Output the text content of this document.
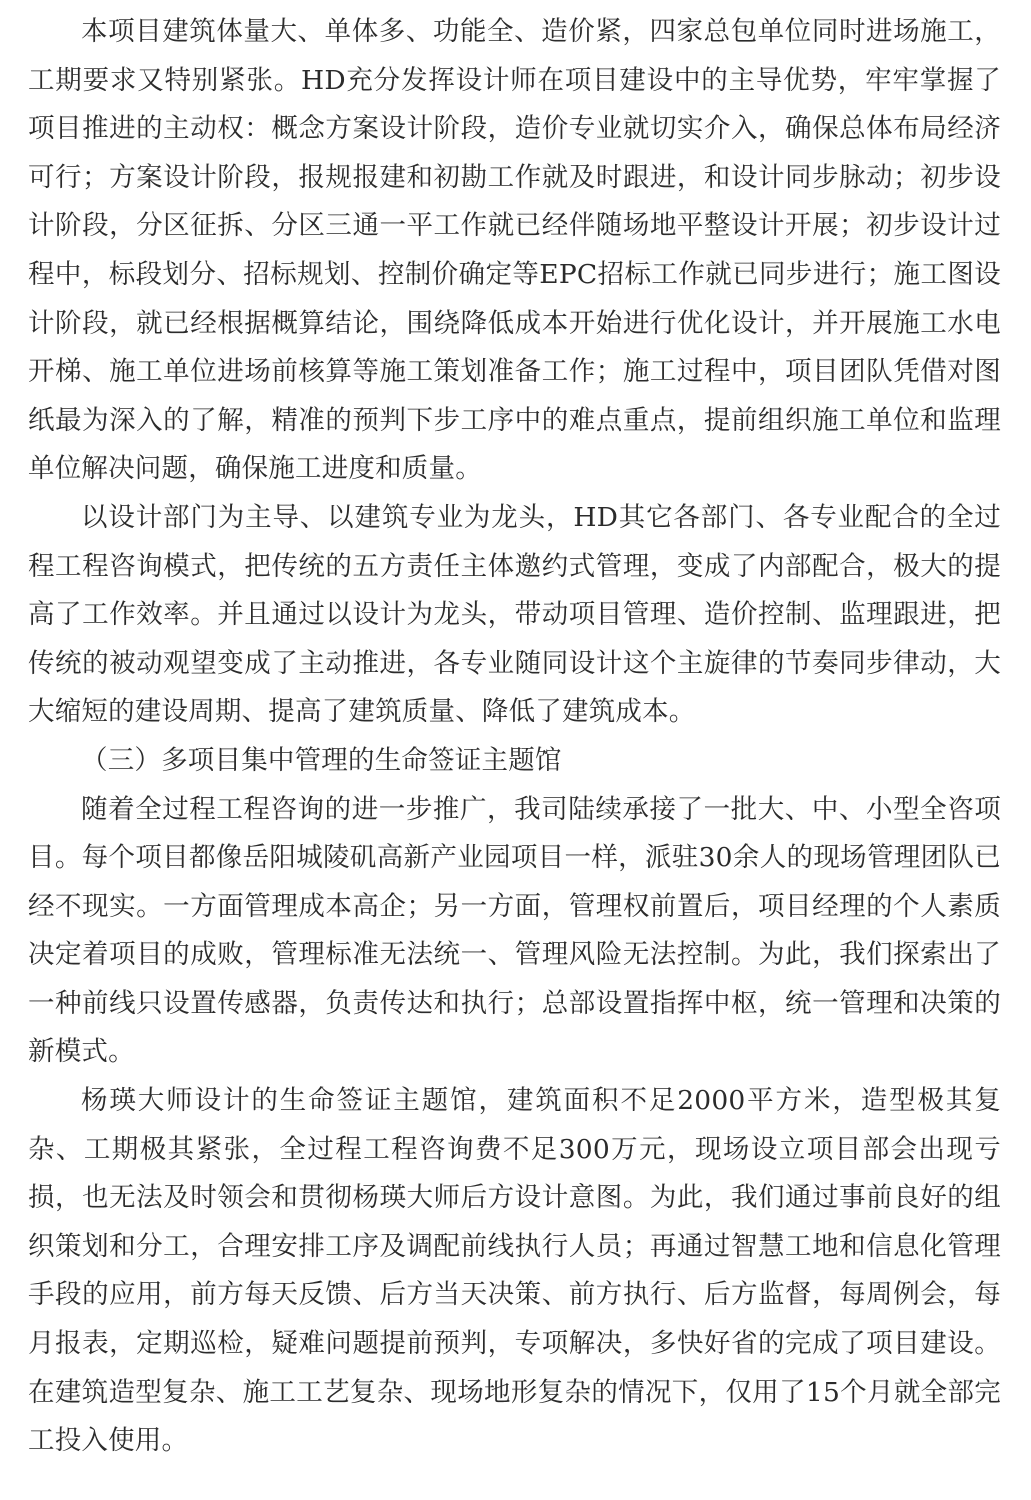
本项目建筑体量大、单体多、功能全、造价紧，四家总包单位同时进场施工，工期要求又特别紧张。HD充分发挥设计师在项目建设中的主导优势，牢牢掌握了项目推进的主动权：概念方案设计阶段，造价专业就切实介入，确保总体布局经济可行；方案设计阶段，报规报建和初勘工作就及时跟进，和设计同步脉动；初步设计阶段，分区征拆、分区三通一平工作就已经伴随场地平整设计开展；初步设计过程中，标段划分、招标规划、控制价确定等EPC招标工作就已同步进行；施工图设计阶段，就已经根据概算结论，围绕降低成本开始进行优化设计，并开展施工水电开梯、施工单位进场前核算等施工策划准备工作；施工过程中，项目团队凭借对图纸最为深入的了解，精准的预判下步工序中的难点重点，提前组织施工单位和监理单位解决问题，确保施工进度和质量。

以设计部门为主导、以建筑专业为龙头，HD其它各部门、各专业配合的全过程工程咨询模式，把传统的五方责任主体邀约式管理，变成了内部配合，极大的提高了工作效率。并且通过以设计为龙头，带动项目管理、造价控制、监理跟进，把传统的被动观望变成了主动推进，各专业随同设计这个主旋律的节奏同步律动，大大缩短的建设周期、提高了建筑质量、降低了建筑成本。

（三）多项目集中管理的生命签证主题馆

随着全过程工程咨询的进一步推广，我司陆续承接了一批大、中、小型全咨项目。每个项目都像岳阳城陵矶高新产业园项目一样，派驻30余人的现场管理团队已经不现实。一方面管理成本高企；另一方面，管理权前置后，项目经理的个人素质决定着项目的成败，管理标准无法统一、管理风险无法控制。为此，我们探索出了一种前线只设置传感器，负责传达和执行；总部设置指挥中枢，统一管理和决策的新模式。

杨瑛大师设计的生命签证主题馆，建筑面积不足2000平方米，造型极其复杂、工期极其紧张，全过程工程咨询费不足300万元，现场设立项目部会出现亏损，也无法及时领会和贯彻杨瑛大师后方设计意图。为此，我们通过事前良好的组织策划和分工，合理安排工序及调配前线执行人员；再通过智慧工地和信息化管理手段的应用，前方每天反馈、后方当天决策、前方执行、后方监督，每周例会，每月报表，定期巡检，疑难问题提前预判，专项解决，多快好省的完成了项目建设。在建筑造型复杂、施工工艺复杂、现场地形复杂的情况下，仅用了15个月就全部完工投入使用。
